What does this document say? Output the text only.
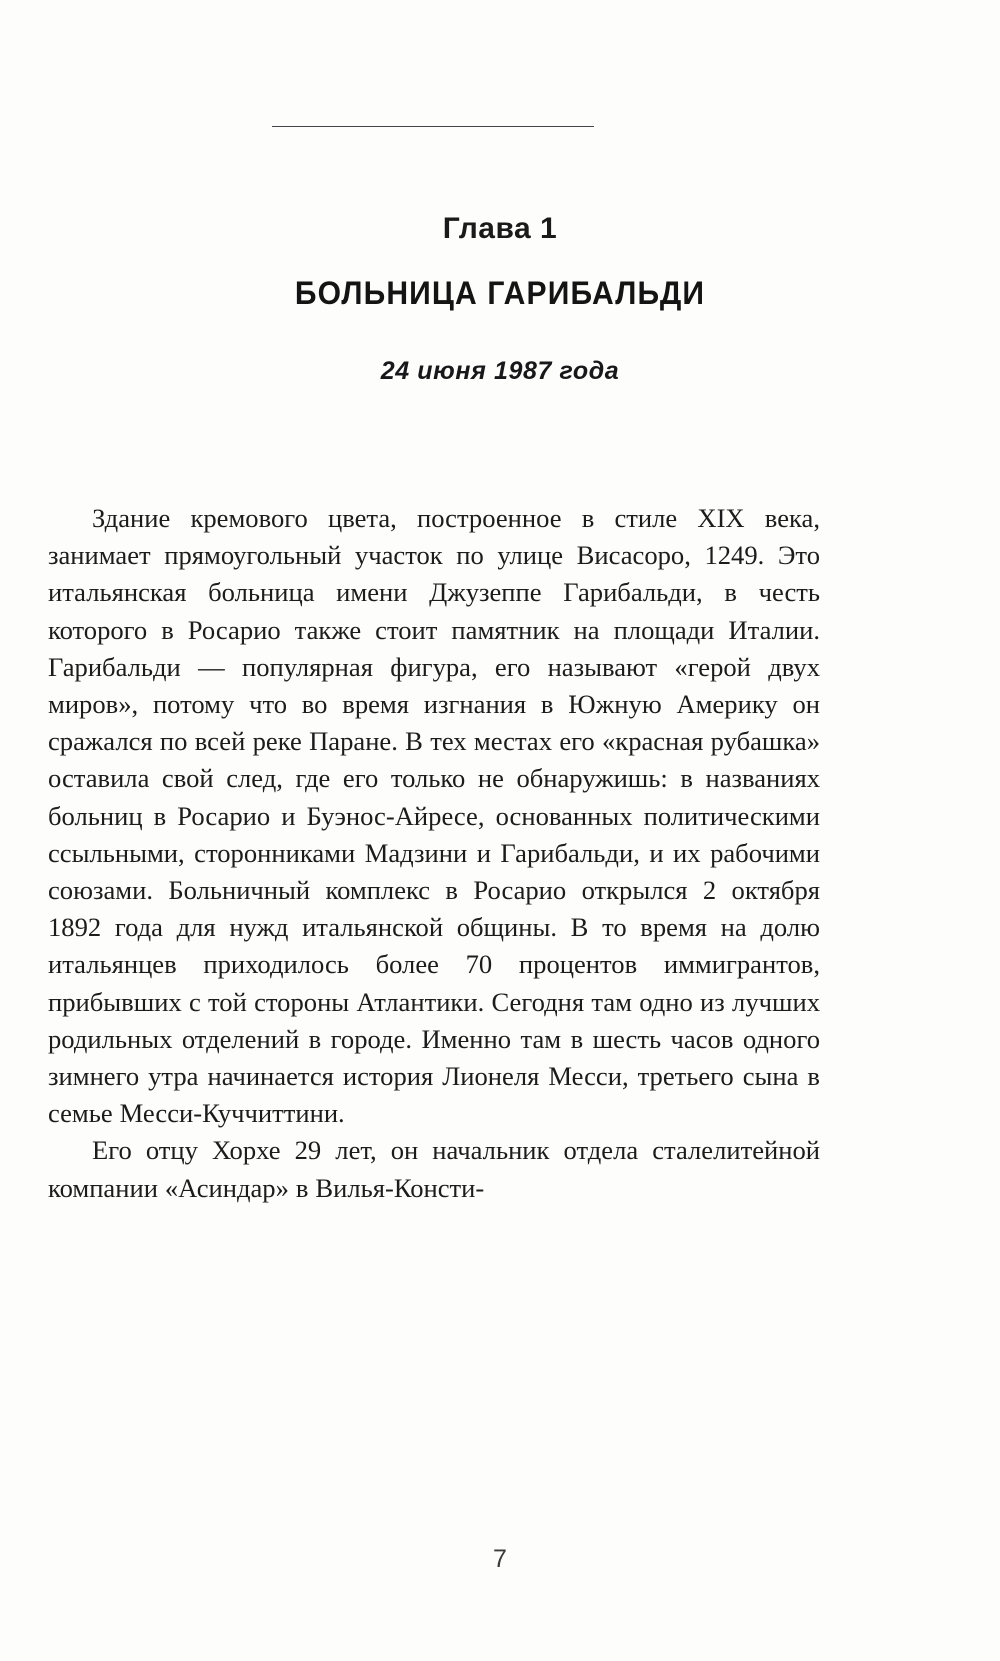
Глава 1
БОЛЬНИЦА ГАРИБАЛЬДИ
24 июня 1987 года

Здание кремового цвета, построенное в стиле XIX века, занимает прямоугольный участок по улице Висасоро, 1249. Это итальянская больница имени Джузеппе Гарибальди, в честь которого в Росарио также стоит памятник на площади Италии. Гарибальди — популярная фигура, его называют «герой двух миров», потому что во время изгнания в Южную Америку он сражался по всей реке Паране. В тех местах его «красная рубашка» оставила свой след, где его только не обнаружишь: в названиях больниц в Росарио и Буэнос-Айресе, основанных политическими ссыльными, сторонниками Мадзини и Гарибальди, и их рабочими союзами. Больничный комплекс в Росарио открылся 2 октября 1892 года для нужд итальянской общины. В то время на долю итальянцев приходилось более 70 процентов иммигрантов, прибывших с той стороны Атлантики. Сегодня там одно из лучших родильных отделений в городе. Именно там в шесть часов одного зимнего утра начинается история Лионеля Месси, третьего сына в семье Месси-Куччиттини.

Его отцу Хорхе 29 лет, он начальник отдела сталелитейной компании «Асиндар» в Вилья-Консти-

7
